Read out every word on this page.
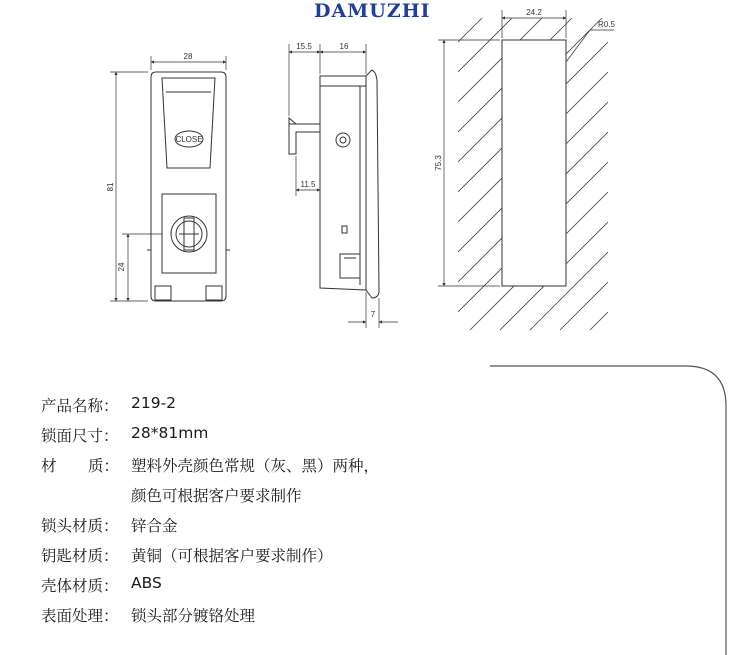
DAMUZHI
CLOSE
28
81
24
15.5	16
11.5
7
24.2
75.3
R0.5
产品名称： 219-2
锁面尺寸： 28*81mm
材 质： 塑料外壳颜色常规（灰、黑）两种，
颜色可根据客户要求制作
锁头材质： 锌合金
钥匙材质： 黄铜（可根据客户要求制作）
壳体材质： ABS
表面处理： 锁头部分镀铬处理
